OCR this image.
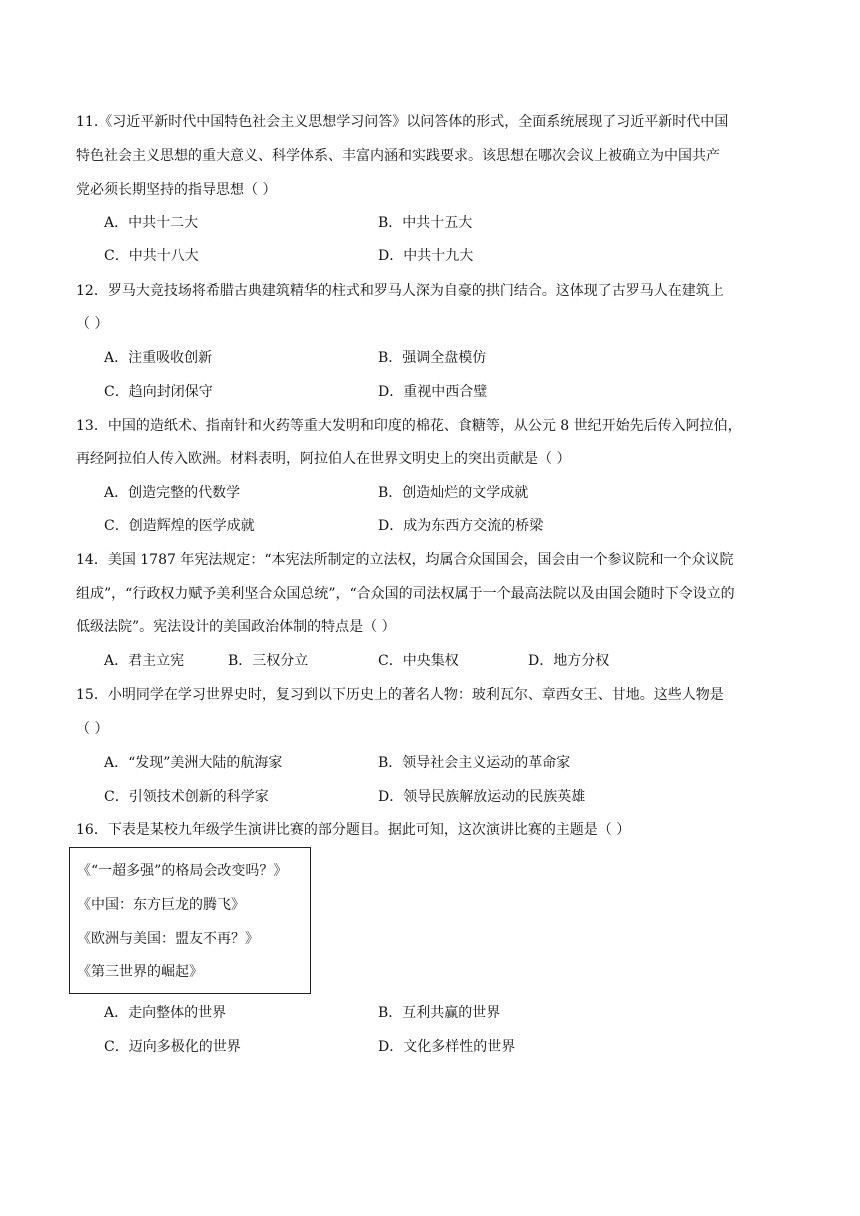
11.《习近平新时代中国特色社会主义思想学习问答》以问答体的形式，全面系统展现了习近平新时代中国
特色社会主义思想的重大意义、科学体系、丰富内涵和实践要求。该思想在哪次会议上被确立为中国共产
党必须长期坚持的指导思想（ ）
A．中共十二大	B．中共十五大
C．中共十八大	D．中共十九大
12．罗马大竞技场将希腊古典建筑精华的柱式和罗马人深为自豪的拱门结合。这体现了古罗马人在建筑上
（ ）
A．注重吸收创新	B．强调全盘模仿
C．趋向封闭保守	D．重视中西合璧
13．中国的造纸术、指南针和火药等重大发明和印度的棉花、食糖等，从公元 8 世纪开始先后传入阿拉伯，
再经阿拉伯人传入欧洲。材料表明，阿拉伯人在世界文明史上的突出贡献是（ ）
A．创造完整的代数学	B．创造灿烂的文学成就
C．创造辉煌的医学成就	D．成为东西方交流的桥梁
14．美国 1787 年宪法规定：“本宪法所制定的立法权，均属合众国国会，国会由一个参议院和一个众议院
组成”，“行政权力赋予美利坚合众国总统”，“合众国的司法权属于一个最高法院以及由国会随时下令设立的
低级法院”。宪法设计的美国政治体制的特点是（ ）
A．君主立宪	B．三权分立	C．中央集权	D．地方分权
15．小明同学在学习世界史时，复习到以下历史上的著名人物：玻利瓦尔、章西女王、甘地。这些人物是
（ ）
A．“发现”美洲大陆的航海家	B．领导社会主义运动的革命家
C．引领技术创新的科学家	D．领导民族解放运动的民族英雄
16．下表是某校九年级学生演讲比赛的部分题目。据此可知，这次演讲比赛的主题是（ ）
《“一超多强”的格局会改变吗？》
《中国：东方巨龙的腾飞》
《欧洲与美国：盟友不再？》
《第三世界的崛起》
A．走向整体的世界	B．互利共赢的世界
C．迈向多极化的世界	D．文化多样性的世界
